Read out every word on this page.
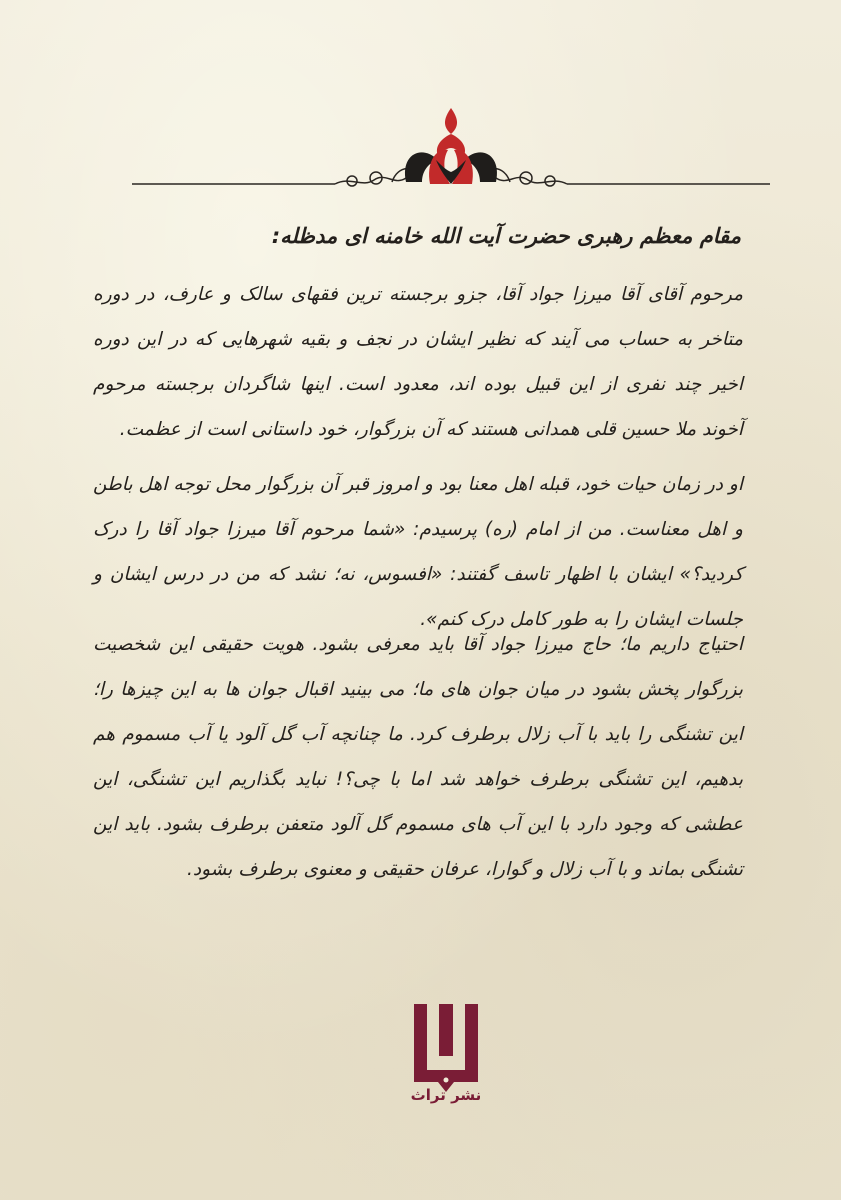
مقام معظم رهبری حضرت آیت الله خامنه ای مدظله:

مرحوم آقای آقا میرزا جواد آقا، جزو برجسته ترین فقهای سالک و عارف، در دوره متاخر به حساب می آیند که نظیر ایشان در نجف و بقیه شهرهایی که در این دوره اخیر چند نفری از این قبیل بوده اند، معدود است. اینها شاگردان برجسته مرحوم آخوند ملا حسین قلی همدانی هستند که آن بزرگوار، خود داستانی است از عظمت.

او در زمان حیات خود، قبله اهل معنا بود و امروز قبر آن بزرگوار محل توجه اهل باطن و اهل معناست. من از امام (ره) پرسیدم: «شما مرحوم آقا میرزا جواد آقا را درک کردید؟» ایشان با اظهار تاسف گفتند: «افسوس، نه؛ نشد که من در درس ایشان و جلسات ایشان را به طور کامل درک کنم».

احتیاج داریم ما؛ حاج میرزا جواد آقا باید معرفی بشود. هویت حقیقی این شخصیت بزرگوار پخش بشود در میان جوان های ما؛ می بینید اقبال جوان ها به این چیزها را؛ این تشنگی را باید با آب زلال برطرف کرد. ما چنانچه آب گل آلود یا آب مسموم هم بدهیم، این تشنگی برطرف خواهد شد اما با چی؟! نباید بگذاریم این تشنگی، این عطشی که وجود دارد با این آب های مسموم گل آلود متعفن برطرف بشود. باید این تشنگی بماند و با آب زلال و گوارا، عرفان حقیقی و معنوی برطرف بشود.

نشر تراث
